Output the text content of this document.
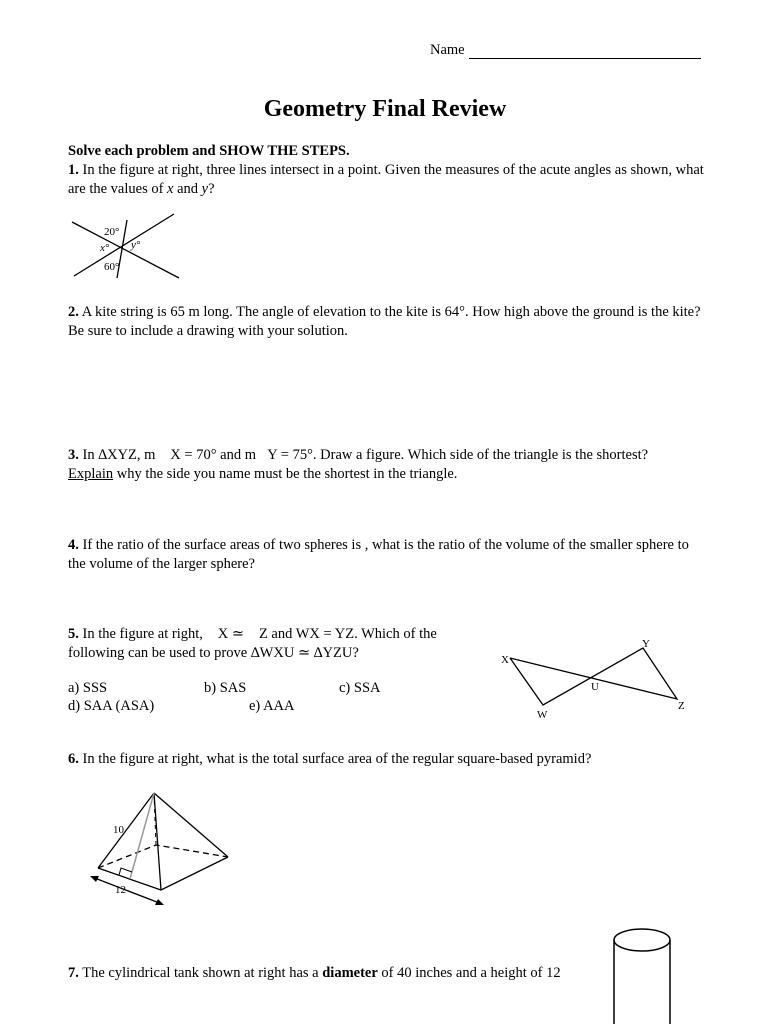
Name
Geometry Final Review
Solve each problem and SHOW THE STEPS.
1. In the figure at right, three lines intersect in a point. Given the measures of the acute angles as shown, what are the values of x and y?
20°
x° y°
60°
2. A kite string is 65 m long. The angle of elevation to the kite is 64°. How high above the ground is the kite? Be sure to include a drawing with your solution.
3. In ∆XYZ, m  X = 70° and m Y = 75°. Draw a figure. Which side of the triangle is the shortest?
Explain why the side you name must be the shortest in the triangle.
4. If the ratio of the surface areas of two spheres is , what is the ratio of the volume of the smaller sphere to the volume of the larger sphere?
5. In the figure at right,  X ≃  Z and WX = YZ. Which of the following can be used to prove ∆WXU ≃ ∆YZU?
a) SSS	b) SAS	c) SSA
d) SAA (ASA)	e) AAA
X
Y
U
W
Z
6. In the figure at right, what is the total surface area of the regular square-based pyramid?
10
12
7. The cylindrical tank shown at right has a diameter of 40 inches and a height of 12
